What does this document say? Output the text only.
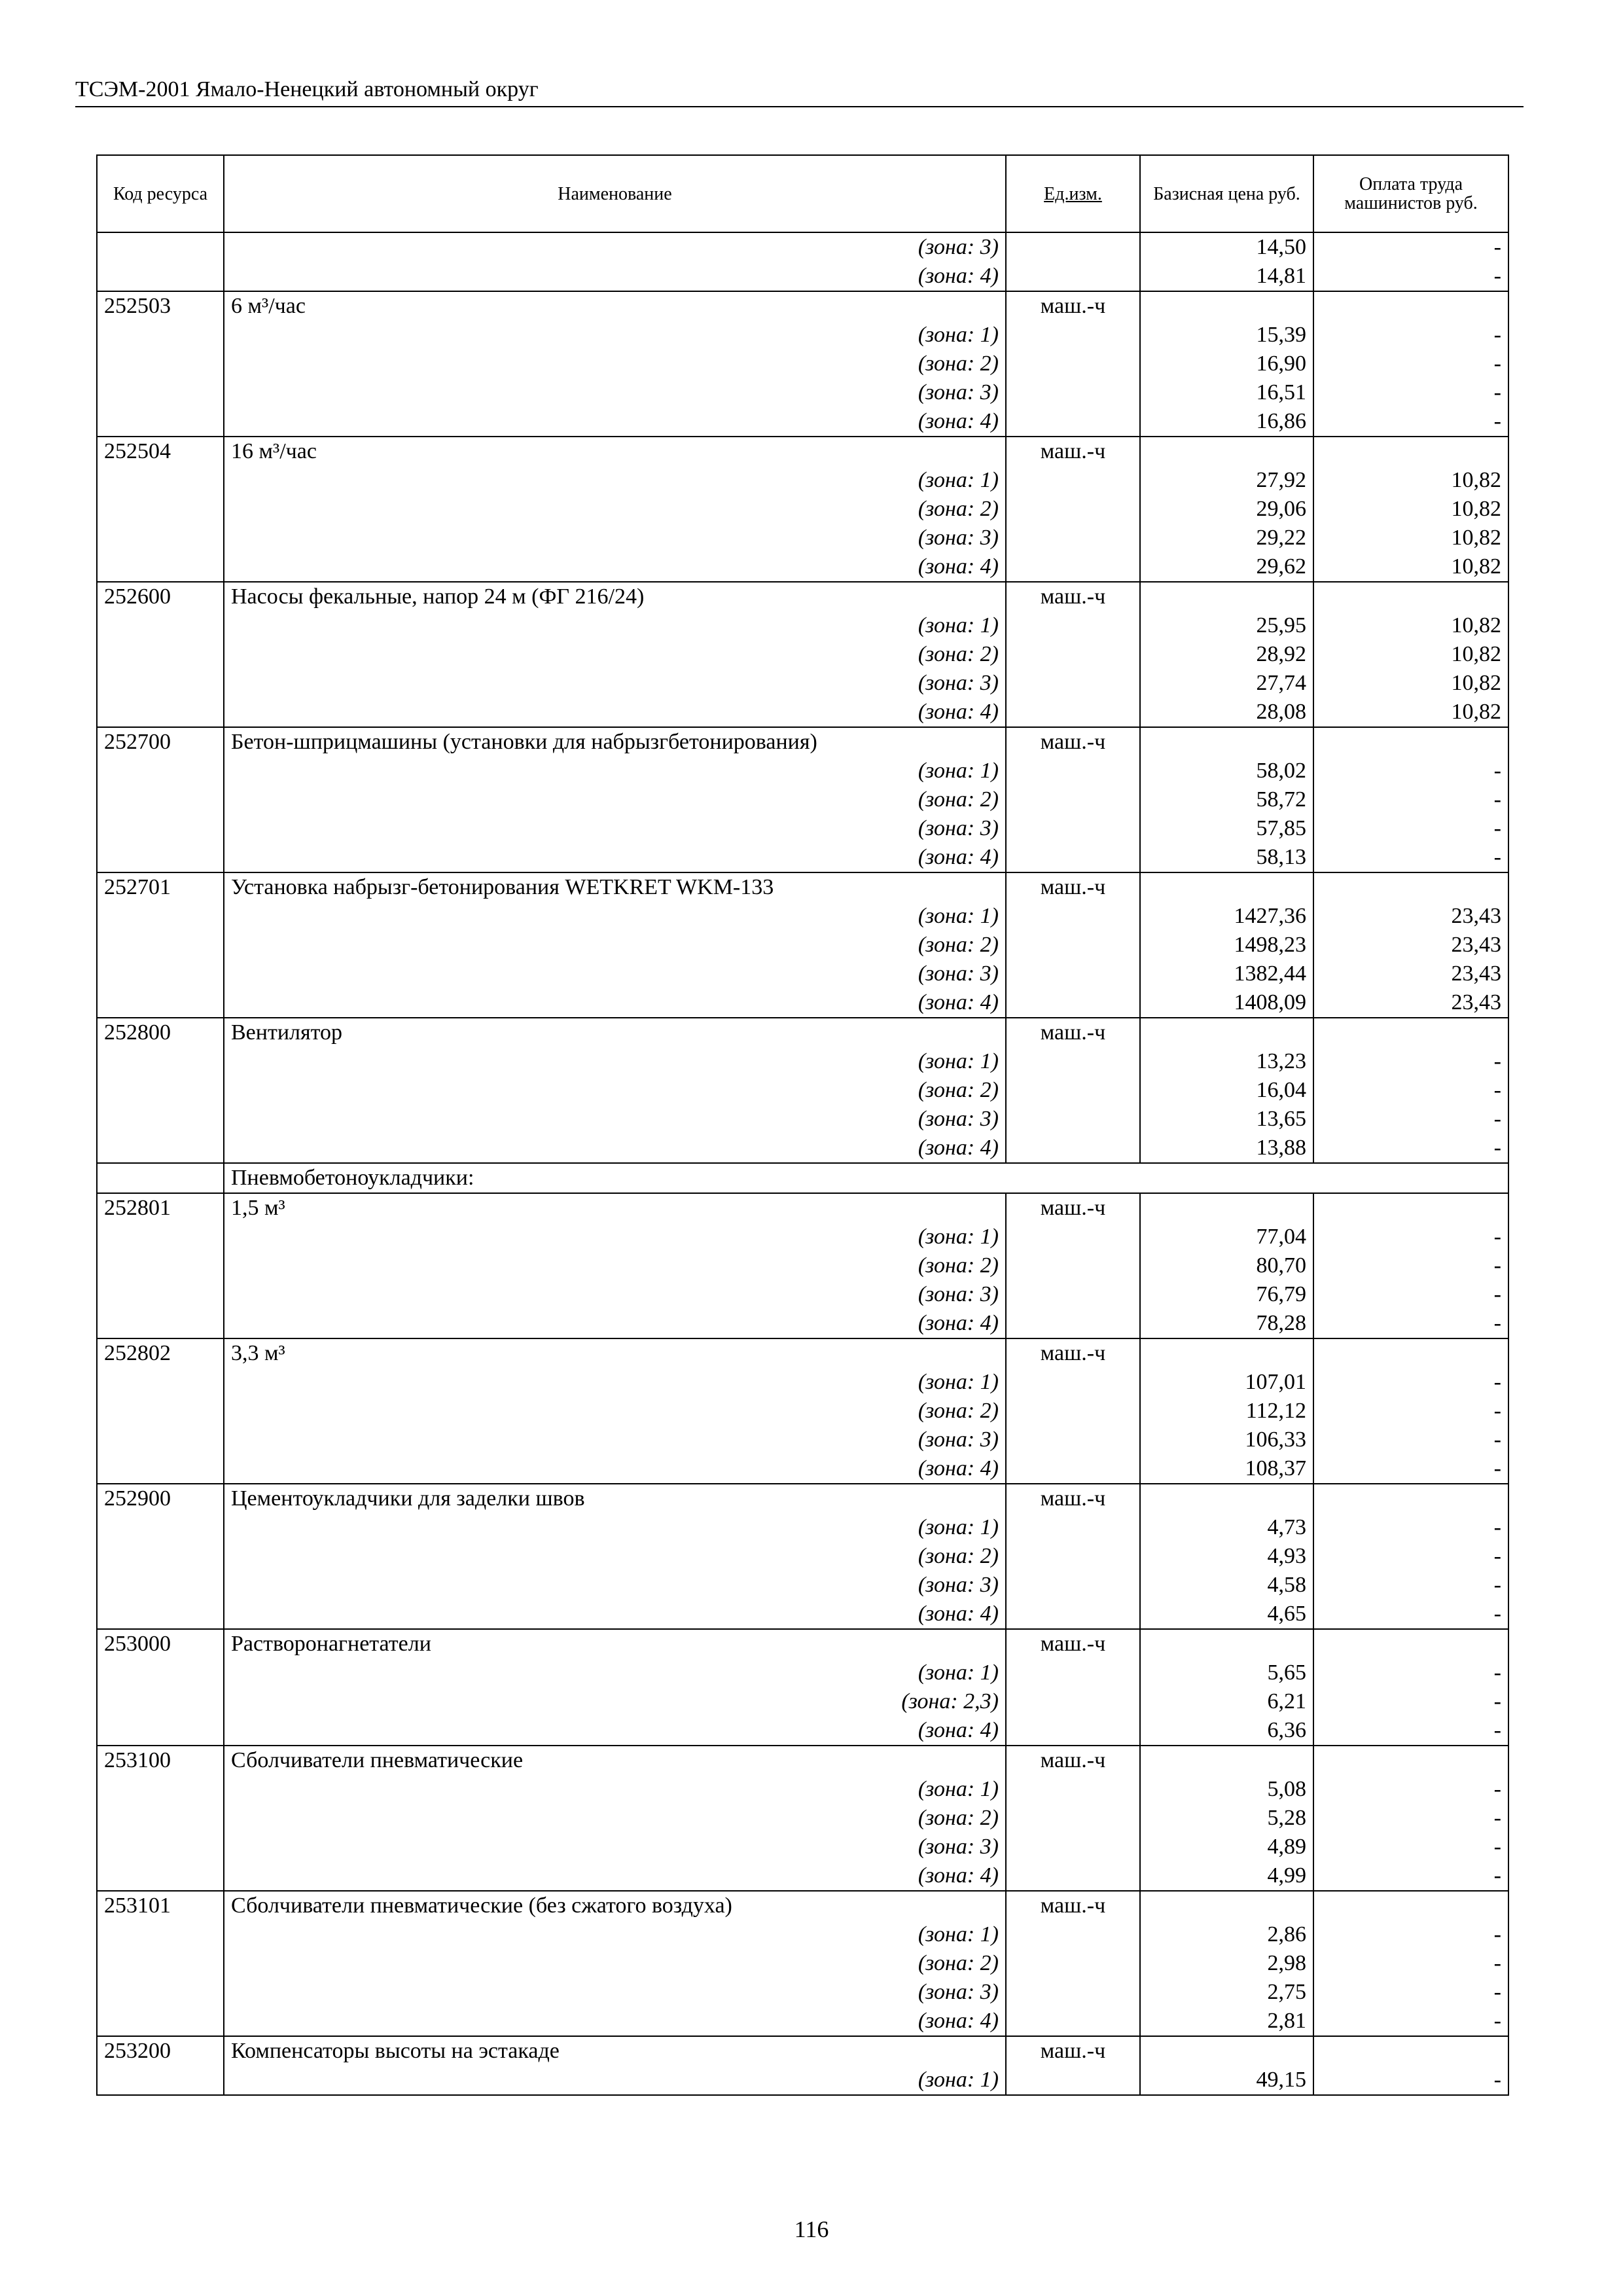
ТСЭМ-2001 Ямало-Ненецкий автономный округ
Код ресурса	Наименование	Ед.изм.	Базисная цена руб.	Оплата труда машинистов руб.
	(зона: 3)		14,50	-
	(зона: 4)		14,81	-
252503	6 м³/час	маш.-ч		
	(зона: 1)		15,39	-
	(зона: 2)		16,90	-
	(зона: 3)		16,51	-
	(зона: 4)		16,86	-
252504	16 м³/час	маш.-ч		
	(зона: 1)		27,92	10,82
	(зона: 2)		29,06	10,82
	(зона: 3)		29,22	10,82
	(зона: 4)		29,62	10,82
252600	Насосы фекальные, напор 24 м (ФГ 216/24)	маш.-ч		
	(зона: 1)		25,95	10,82
	(зона: 2)		28,92	10,82
	(зона: 3)		27,74	10,82
	(зона: 4)		28,08	10,82
252700	Бетон-шприцмашины (установки для набрызгбетонирования)	маш.-ч		
	(зона: 1)		58,02	-
	(зона: 2)		58,72	-
	(зона: 3)		57,85	-
	(зона: 4)		58,13	-
252701	Установка набрызг-бетонирования WETKRET WKM-133	маш.-ч		
	(зона: 1)		1427,36	23,43
	(зона: 2)		1498,23	23,43
	(зона: 3)		1382,44	23,43
	(зона: 4)		1408,09	23,43
252800	Вентилятор	маш.-ч		
	(зона: 1)		13,23	-
	(зона: 2)		16,04	-
	(зона: 3)		13,65	-
	(зона: 4)		13,88	-
	Пневмобетоноукладчики:			
252801	1,5 м³	маш.-ч		
	(зона: 1)		77,04	-
	(зона: 2)		80,70	-
	(зона: 3)		76,79	-
	(зона: 4)		78,28	-
252802	3,3 м³	маш.-ч		
	(зона: 1)		107,01	-
	(зона: 2)		112,12	-
	(зона: 3)		106,33	-
	(зона: 4)		108,37	-
252900	Цементоукладчики для заделки швов	маш.-ч		
	(зона: 1)		4,73	-
	(зона: 2)		4,93	-
	(зона: 3)		4,58	-
	(зона: 4)		4,65	-
253000	Растворонагнетатели	маш.-ч		
	(зона: 1)		5,65	-
	(зона: 2,3)		6,21	-
	(зона: 4)		6,36	-
253100	Сболчиватели пневматические	маш.-ч		
	(зона: 1)		5,08	-
	(зона: 2)		5,28	-
	(зона: 3)		4,89	-
	(зона: 4)		4,99	-
253101	Сболчиватели пневматические (без сжатого воздуха)	маш.-ч		
	(зона: 1)		2,86	-
	(зона: 2)		2,98	-
	(зона: 3)		2,75	-
	(зона: 4)		2,81	-
253200	Компенсаторы высоты на эстакаде	маш.-ч		
	(зона: 1)		49,15	-
116
